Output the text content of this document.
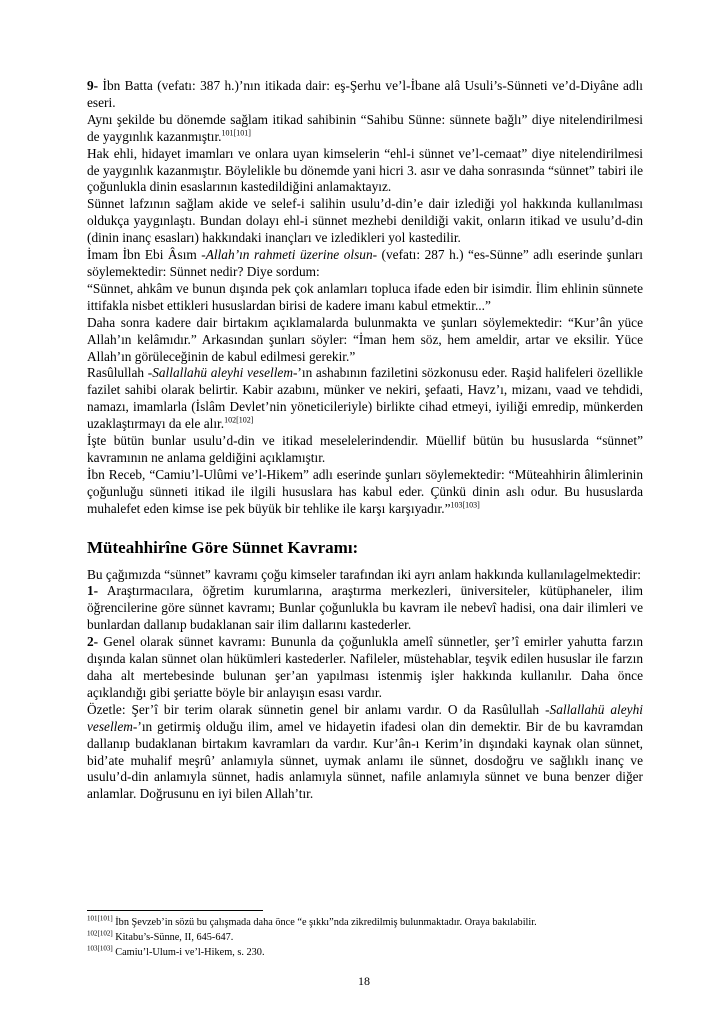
9- İbn Batta (vefatı: 387 h.)’nın itikada dair: eş-Şerhu ve’l-İbane alâ Usuli’s-Sünneti ve’d-Diyâne adlı eseri.

Aynı şekilde bu dönemde sağlam itikad sahibinin “Sahibu Sünne: sünnete bağlı” diye nitelendirilmesi de yaygınlık kazanmıştır.$^{101[101]}$

Hak ehli, hidayet imamları ve onlara uyan kimselerin “ehl-i sünnet ve’l-cemaat” diye nitelendirilmesi de yaygınlık kazanmıştır. Böylelikle bu dönemde yani hicri 3. asır ve daha sonrasında “sünnet” tabiri ile çoğunlukla dinin esaslarının kastedildiğini anlamaktayız.

Sünnet lafzının sağlam akide ve selef-i salihin usulu’d-din’e dair izlediği yol hakkında kullanılması oldukça yaygınlaştı. Bundan dolayı ehl-i sünnet mezhebi denildiği vakit, onların itikad ve usulu’d-din (dinin inanç esasları) hakkındaki inançları ve izledikleri yol kastedilir.

İmam İbn Ebi Âsım -Allah’ın rahmeti üzerine olsun- (vefatı: 287 h.) “es-Sünne” adlı eserinde şunları söylemektedir: Sünnet nedir? Diye sordum:

“Sünnet, ahkâm ve bunun dışında pek çok anlamları topluca ifade eden bir isimdir. İlim ehlinin sünnete ittifakla nisbet ettikleri hususlardan birisi de kadere imanı kabul etmektir...”

Daha sonra kadere dair birtakım açıklamalarda bulunmakta ve şunları söylemektedir: “Kur’ân yüce Allah’ın kelâmıdır.” Arkasından şunları söyler: “İman hem söz, hem ameldir, artar ve eksilir. Yüce Allah’ın görüleceğinin de kabul edilmesi gerekir.”

Rasûlullah -Sallallahü aleyhi vesellem-’ın ashabının faziletini sözkonusu eder. Raşid halifeleri özellikle fazilet sahibi olarak belirtir. Kabir azabını, münker ve nekiri, şefaati, Havz’ı, mizanı, vaad ve tehdidi, namazı, imamlarla (İslâm Devlet’nin yöneticileriyle) birlikte cihad etmeyi, iyiliği emredip, münkerden uzaklaştırmayı da ele alır.$^{102[102]}$

İşte bütün bunlar usulu’d-din ve itikad meselelerindendir. Müellif bütün bu hususlarda “sünnet” kavramının ne anlama geldiğini açıklamıştır.

İbn Receb, “Camiu’l-Ulûmi ve’l-Hikem” adlı eserinde şunları söylemektedir: “Müteahhirin âlimlerinin çoğunluğu sünneti itikad ile ilgili hususlara has kabul eder. Çünkü dinin aslı odur. Bu hususlarda muhalefet eden kimse ise pek büyük bir tehlike ile karşı karşıyadır.”$^{103[103]}$

Müteahhirîne Göre Sünnet Kavramı:

Bu çağımızda “sünnet” kavramı çoğu kimseler tarafından iki ayrı anlam hakkında kullanılagelmektedir:

1- Araştırmacılara, öğretim kurumlarına, araştırma merkezleri, üniversiteler, kütüphaneler, ilim öğrencilerine göre sünnet kavramı; Bunlar çoğunlukla bu kavram ile nebevî hadisi, ona dair ilimleri ve bunlardan dallanıp budaklanan sair ilim dallarını kastederler.

2- Genel olarak sünnet kavramı: Bununla da çoğunlukla amelî sünnetler, şer’î emirler yahutta farzın dışında kalan sünnet olan hükümleri kastederler. Nafileler, müstehablar, teşvik edilen hususlar ile farzın daha alt mertebesinde bulunan şer’an yapılması istenmiş işler hakkında kullanılır. Daha önce açıklandığı gibi şeriatte böyle bir anlayışın esası vardır.

Özetle: Şer’î bir terim olarak sünnetin genel bir anlamı vardır. O da Rasûlullah -Sallallahü aleyhi vesellem-’ın getirmiş olduğu ilim, amel ve hidayetin ifadesi olan din demektir. Bir de bu kavramdan dallanıp budaklanan birtakım kavramları da vardır. Kur’ân-ı Kerim’in dışındaki kaynak olan sünnet, bid’ate muhalif meşrû’ anlamıyla sünnet, uymak anlamı ile sünnet, dosdoğru ve sağlıklı inanç ve usulu’d-din anlamıyla sünnet, hadis anlamıyla sünnet, nafile anlamıyla sünnet ve buna benzer diğer anlamlar. Doğrusunu en iyi bilen Allah’tır.

$^{101[101]}$ İbn Şevzeb’in sözü bu çalışmada daha önce “e şıkkı”nda zikredilmiş bulunmaktadır. Oraya bakılabilir.
$^{102[102]}$ Kitabu’s-Sünne, II, 645-647.
$^{103[103]}$ Camiu’l-Ulum-i ve’l-Hikem, s. 230.
18
